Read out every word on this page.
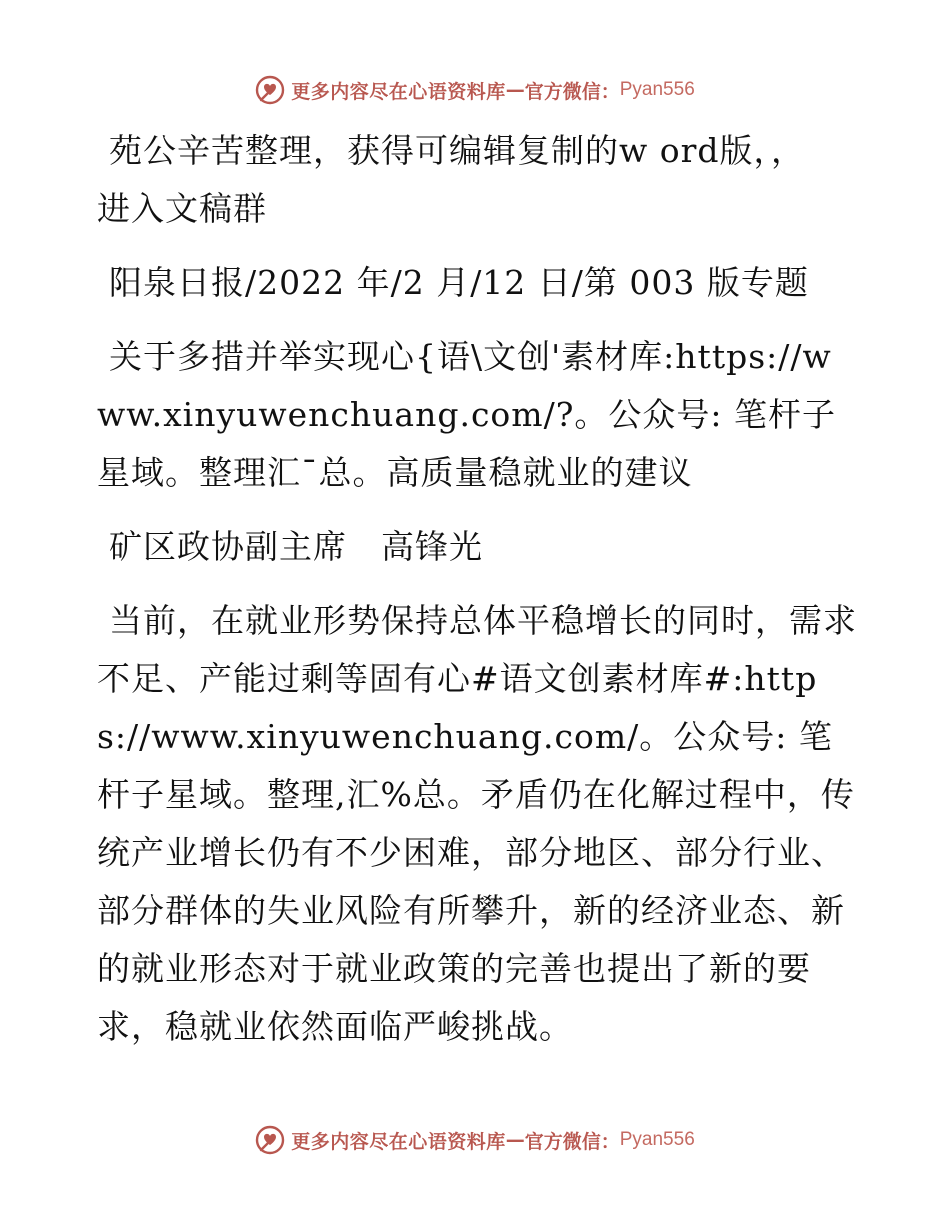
更多内容尽在心语资料库 — 官方微信： Pyan556

苑公辛苦整理，获得可编辑复制的w ord版，，
进入文稿群

阳泉日报/2022 年/2 月/12 日/第 003 版专题

关于多措并举实现心{语\文创'素材库:https://www.xinyuwenchuang.com/?。公众号: 笔杆子星域。整理汇¯总。高质量稳就业的建议

矿区政协副主席　高锋光

当前，在就业形势保持总体平稳增长的同时，需求不足、产能过剩等固有心#语文创素材库#:https://www.xinyuwenchuang.com/。公众号: 笔杆子星域。整理,汇%总。矛盾仍在化解过程中，传统产业增长仍有不少困难，部分地区、部分行业、部分群体的失业风险有所攀升，新的经济业态、新的就业形态对于就业政策的完善也提出了新的要求，稳就业依然面临严峻挑战。

更多内容尽在心语资料库 — 官方微信： Pyan556
